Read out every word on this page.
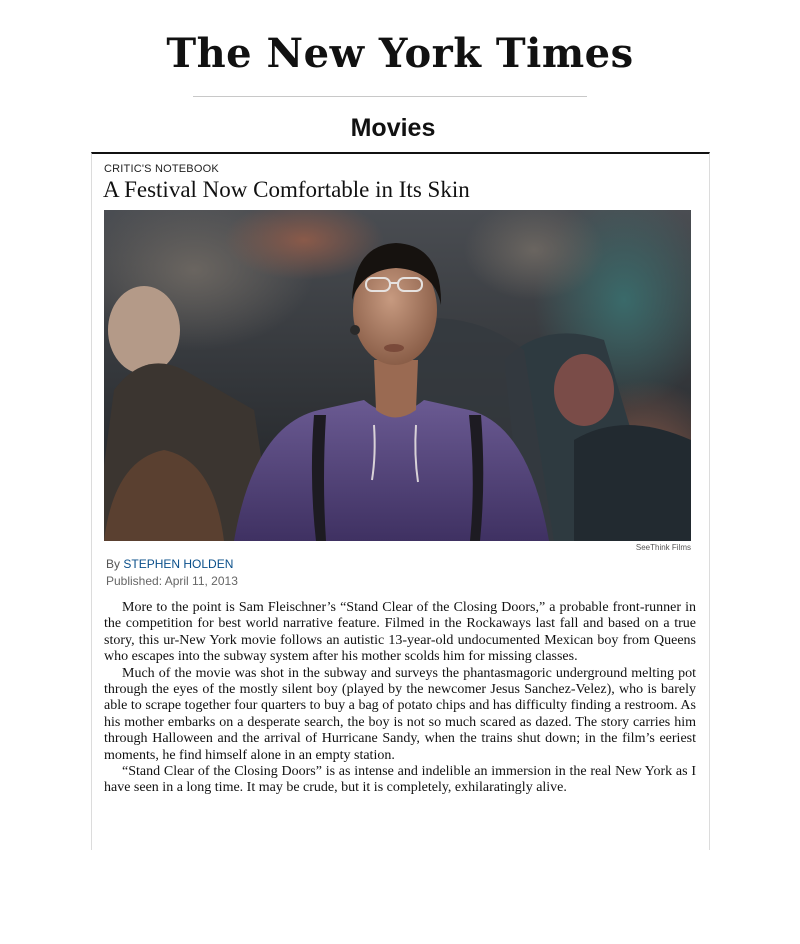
The New York Times
Movies
CRITIC'S NOTEBOOK
A Festival Now Comfortable in Its Skin
SeeThink Films
By STEPHEN HOLDEN
Published: April 11, 2013

More to the point is Sam Fleischner’s “Stand Clear of the Closing Doors,” a probable front-runner in the competition for best world narrative feature. Filmed in the Rockaways last fall and based on a true story, this ur-New York movie follows an autistic 13-year-old undocumented Mexican boy from Queens who escapes into the subway system after his mother scolds him for missing classes.

Much of the movie was shot in the subway and surveys the phantasmagoric underground melting pot through the eyes of the mostly silent boy (played by the newcomer Jesus Sanchez-Velez), who is barely able to scrape together four quarters to buy a bag of potato chips and has difficulty finding a restroom. As his mother embarks on a desperate search, the boy is not so much scared as dazed. The story carries him through Halloween and the arrival of Hurricane Sandy, when the trains shut down; in the film’s eeriest moments, he find himself alone in an empty station.

“Stand Clear of the Closing Doors” is as intense and indelible an immersion in the real New York as I have seen in a long time. It may be crude, but it is completely, exhilaratingly alive.
